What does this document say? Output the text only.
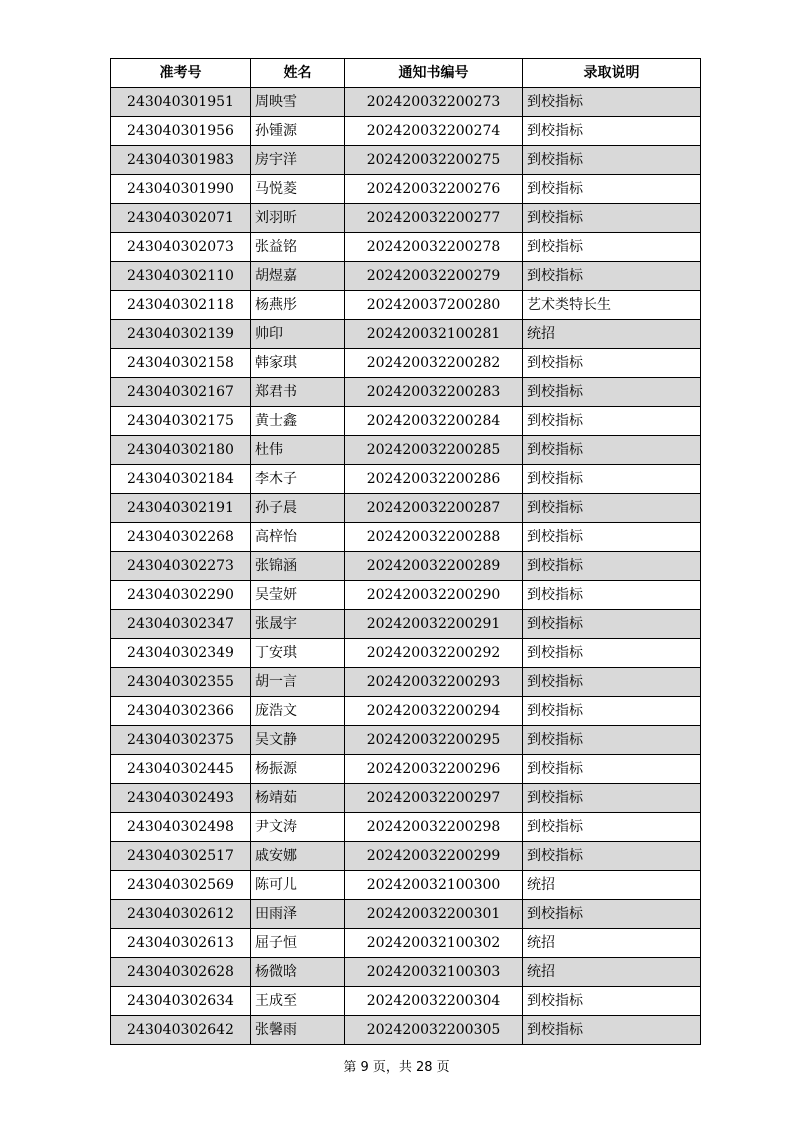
准考号	姓名	通知书编号	录取说明
243040301951	周映雪	202420032200273	到校指标
243040301956	孙锺源	202420032200274	到校指标
243040301983	房宇洋	202420032200275	到校指标
243040301990	马悦菱	202420032200276	到校指标
243040302071	刘羽昕	202420032200277	到校指标
243040302073	张益铭	202420032200278	到校指标
243040302110	胡煜嘉	202420032200279	到校指标
243040302118	杨燕彤	202420037200280	艺术类特长生
243040302139	帅印	202420032100281	统招
243040302158	韩家琪	202420032200282	到校指标
243040302167	郑君书	202420032200283	到校指标
243040302175	黄士鑫	202420032200284	到校指标
243040302180	杜伟	202420032200285	到校指标
243040302184	李木子	202420032200286	到校指标
243040302191	孙子晨	202420032200287	到校指标
243040302268	高梓怡	202420032200288	到校指标
243040302273	张锦涵	202420032200289	到校指标
243040302290	吴莹妍	202420032200290	到校指标
243040302347	张晟宇	202420032200291	到校指标
243040302349	丁安琪	202420032200292	到校指标
243040302355	胡一言	202420032200293	到校指标
243040302366	庞浩文	202420032200294	到校指标
243040302375	吴文静	202420032200295	到校指标
243040302445	杨振源	202420032200296	到校指标
243040302493	杨靖茹	202420032200297	到校指标
243040302498	尹文涛	202420032200298	到校指标
243040302517	戚安娜	202420032200299	到校指标
243040302569	陈可儿	202420032100300	统招
243040302612	田雨泽	202420032200301	到校指标
243040302613	屈子恒	202420032100302	统招
243040302628	杨微晗	202420032100303	统招
243040302634	王成至	202420032200304	到校指标
243040302642	张馨雨	202420032200305	到校指标
第 9 页，共 28 页
